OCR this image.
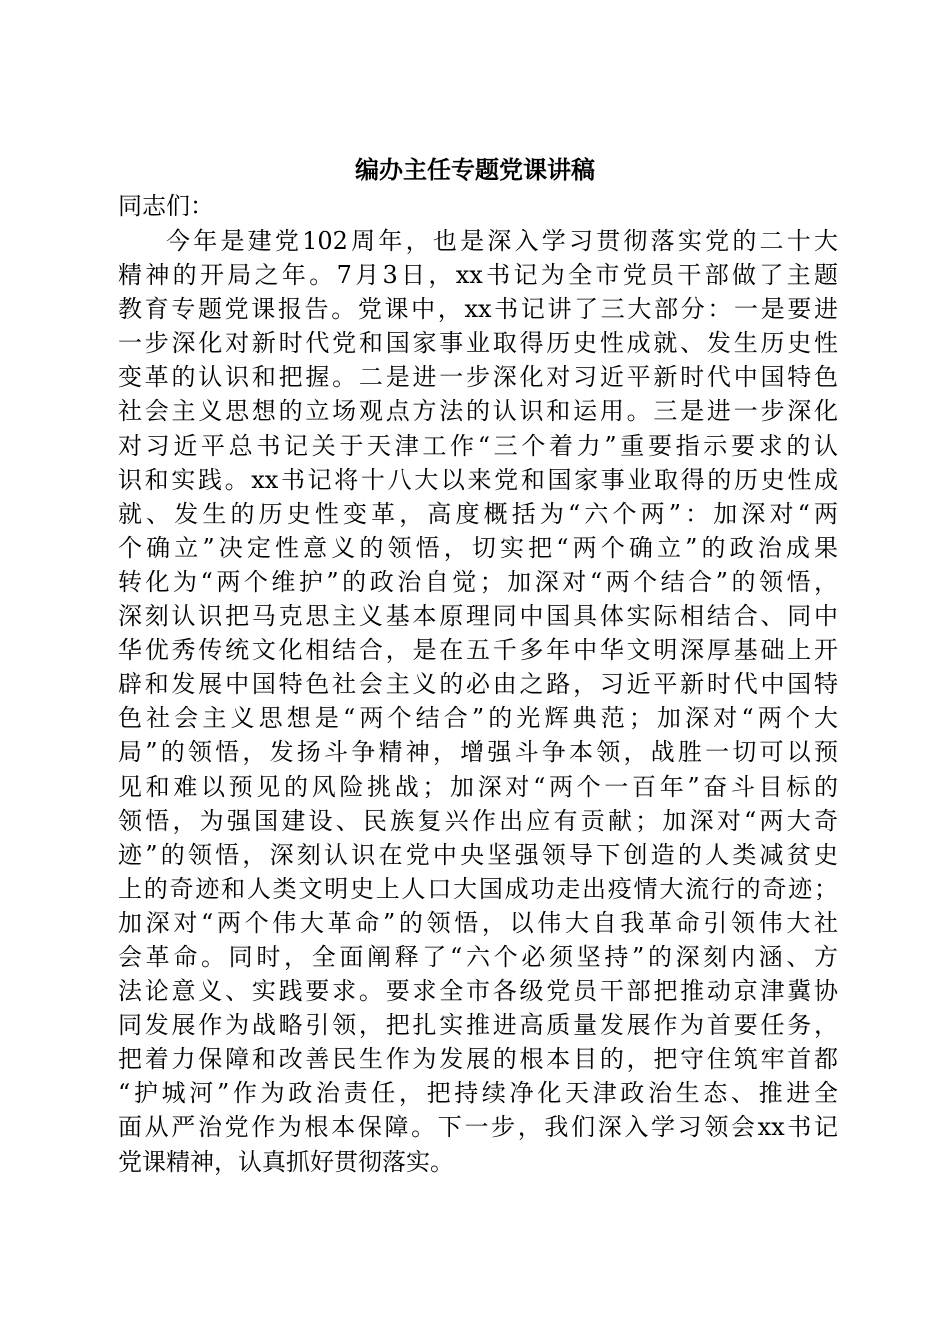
编办主任专题党课讲稿

同志们：

今年是建党102周年，也是深入学习贯彻落实党的二十大
精神的开局之年。7月3日，xx书记为全市党员干部做了主题
教育专题党课报告。党课中，xx书记讲了三大部分：一是要进
一步深化对新时代党和国家事业取得历史性成就、发生历史性
变革的认识和把握。二是进一步深化对习近平新时代中国特色
社会主义思想的立场观点方法的认识和运用。三是进一步深化
对习近平总书记关于天津工作“三个着力”重要指示要求的认
识和实践。xx书记将十八大以来党和国家事业取得的历史性成
就、发生的历史性变革，高度概括为“六个两”：加深对“两
个确立”决定性意义的领悟，切实把“两个确立”的政治成果
转化为“两个维护”的政治自觉；加深对“两个结合”的领悟，
深刻认识把马克思主义基本原理同中国具体实际相结合、同中
华优秀传统文化相结合，是在五千多年中华文明深厚基础上开
辟和发展中国特色社会主义的必由之路，习近平新时代中国特
色社会主义思想是“两个结合”的光辉典范；加深对“两个大
局”的领悟，发扬斗争精神，增强斗争本领，战胜一切可以预
见和难以预见的风险挑战；加深对“两个一百年”奋斗目标的
领悟，为强国建设、民族复兴作出应有贡献；加深对“两大奇
迹”的领悟，深刻认识在党中央坚强领导下创造的人类减贫史
上的奇迹和人类文明史上人口大国成功走出疫情大流行的奇迹；
加深对“两个伟大革命”的领悟，以伟大自我革命引领伟大社
会革命。同时，全面阐释了“六个必须坚持”的深刻内涵、方
法论意义、实践要求。要求全市各级党员干部把推动京津冀协
同发展作为战略引领，把扎实推进高质量发展作为首要任务，
把着力保障和改善民生作为发展的根本目的，把守住筑牢首都
“护城河”作为政治责任，把持续净化天津政治生态、推进全
面从严治党作为根本保障。下一步，我们深入学习领会xx书记
党课精神，认真抓好贯彻落实。
